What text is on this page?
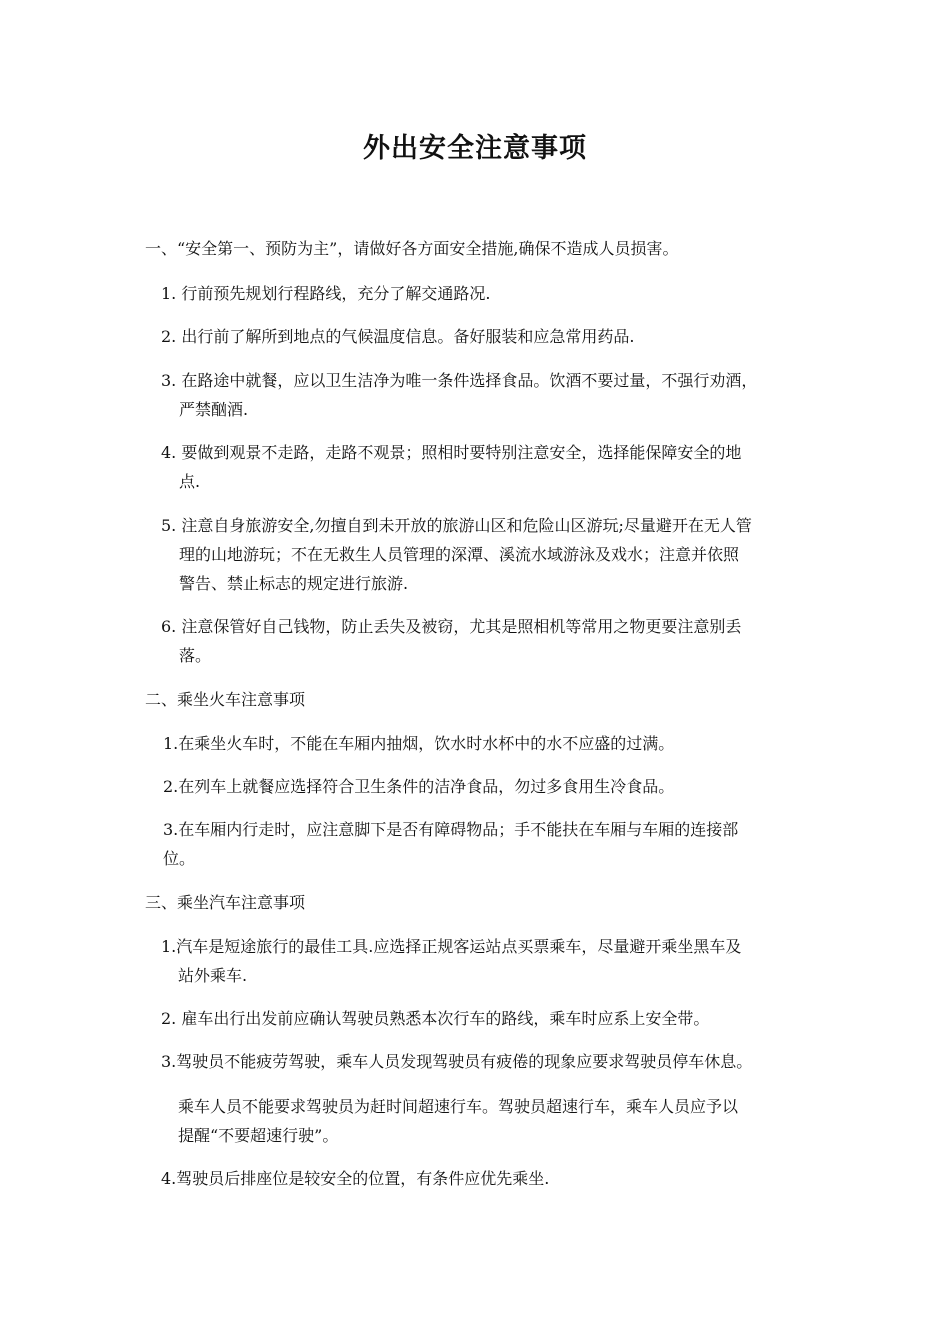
外出安全注意事项
一、“安全第一、预防为主”，请做好各方面安全措施,确保不造成人员损害。
1. 行前预先规划行程路线，充分了解交通路况.
2. 出行前了解所到地点的气候温度信息。备好服装和应急常用药品.
3. 在路途中就餐，应以卫生洁净为唯一条件选择食品。饮酒不要过量，不强行劝酒，
严禁酗酒.
4. 要做到观景不走路，走路不观景；照相时要特别注意安全，选择能保障安全的地
点.
5. 注意自身旅游安全,勿擅自到未开放的旅游山区和危险山区游玩;尽量避开在无人管
理的山地游玩；不在无救生人员管理的深潭、溪流水域游泳及戏水；注意并依照
警告、禁止标志的规定进行旅游.
6. 注意保管好自己钱物，防止丢失及被窃，尤其是照相机等常用之物更要注意别丢
落。
二、乘坐火车注意事项
1.在乘坐火车时，不能在车厢内抽烟，饮水时水杯中的水不应盛的过满。
2.在列车上就餐应选择符合卫生条件的洁净食品，勿过多食用生冷食品。
3.在车厢内行走时，应注意脚下是否有障碍物品；手不能扶在车厢与车厢的连接部
位。
三、乘坐汽车注意事项
1.汽车是短途旅行的最佳工具.应选择正规客运站点买票乘车，尽量避开乘坐黑车及
站外乘车.
2. 雇车出行出发前应确认驾驶员熟悉本次行车的路线，乘车时应系上安全带。
3.驾驶员不能疲劳驾驶，乘车人员发现驾驶员有疲倦的现象应要求驾驶员停车休息。
乘车人员不能要求驾驶员为赶时间超速行车。驾驶员超速行车，乘车人员应予以
提醒“不要超速行驶”。
4.驾驶员后排座位是较安全的位置，有条件应优先乘坐.
